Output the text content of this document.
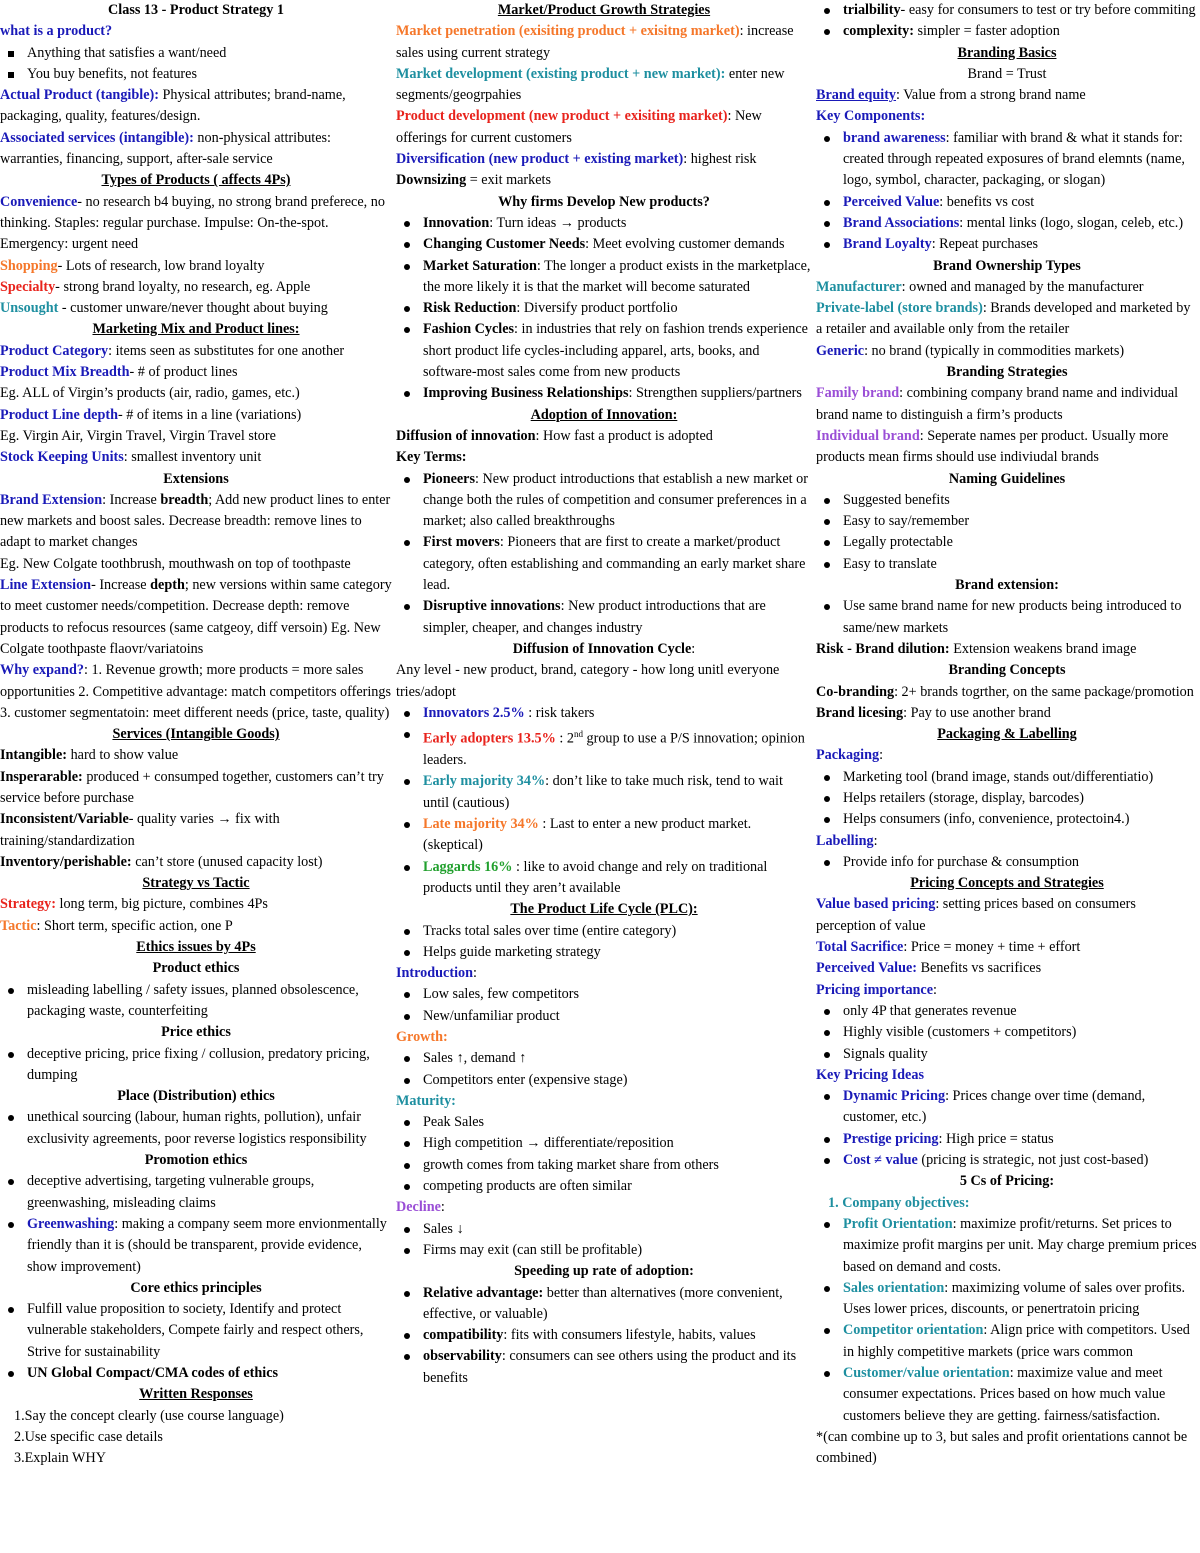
Class 13 - Product Strategy 1

what is a product?

Anything that satisfies a want/need
You buy benefits, not features

Actual Product (tangible): Physical attributes; brand-name, packaging, quality, features/design.

Associated services (intangible): non-physical attributes: warranties, financing, support, after-sale service

Types of Products ( affects 4Ps)

Convenience- no research b4 buying, no strong brand preferece, no thinking. Staples: regular purchase. Impulse: On-the-spot. Emergency: urgent need

Shopping- Lots of research, low brand loyalty

Specialty- strong brand loyalty, no research, eg. Apple

Unsought - customer unware/never thought about buying

Marketing Mix and Product lines:

Product Category: items seen as substitutes for one another

Product Mix Breadth- # of product lines

Eg. ALL of Virgin’s products (air, radio, games, etc.)

Product Line depth- # of items in a line (variations)

Eg. Virgin Air, Virgin Travel, Virgin Travel store

Stock Keeping Units: smallest inventory unit

Extensions

Brand Extension: Increase breadth; Add new product lines to enter new markets and boost sales. Decrease breadth: remove lines to adapt to market changes

Eg. New Colgate toothbrush, mouthwash on top of toothpaste

Line Extension- Increase depth; new versions within same category to meet customer needs/competition. Decrease depth: remove products to refocus resources (same catgeoy, diff versoin) Eg. New Colgate toothpaste flaovr/variatoins

Why expand?: 1. Revenue growth; more products = more sales opportunities 2. Competitive advantage: match competitors offerings 3. customer segmentatoin: meet different needs (price, taste, quality)

Services (Intangible Goods)

Intangible: hard to show value

Insperarable: produced + consumped together, customers can’t try service before purchase

Inconsistent/Variable- quality varies → fix with training/standardization

Inventory/perishable: can’t store (unused capacity lost)

Strategy vs Tactic

Strategy: long term, big picture, combines 4Ps

Tactic: Short term, specific action, one P

Ethics issues by 4Ps

Product ethics

misleading labelling / safety issues, planned obsolescence, packaging waste, counterfeiting

Price ethics

deceptive pricing, price fixing / collusion, predatory pricing, dumping

Place (Distribution) ethics

unethical sourcing (labour, human rights, pollution), unfair exclusivity agreements, poor reverse logistics responsibility

Promotion ethics

deceptive advertising, targeting vulnerable groups, greenwashing, misleading claims
Greenwashing: making a company seem more envionmentally friendly than it is (should be transparent, provide evidence, show improvement)

Core ethics principles

Fulfill value proposition to society, Identify and protect vulnerable stakeholders, Compete fairly and respect others, Strive for sustainability
UN Global Compact/CMA codes of ethics

Written Responses

1.Say the concept clearly (use course language)
2.Use specific case details
3.Explain WHY

Market/Product Growth Strategies

Market penetration (exisiting product + exisitng market): increase sales using current strategy

Market development (existing product + new market): enter new segments/geogrpahies

Product development (new product + exisiting market): New offerings for current customers

Diversification (new product + existing market): highest risk

Downsizing = exit markets

Why firms Develop New products?

Innovation: Turn ideas → products
Changing Customer Needs: Meet evolving customer demands
Market Saturation: The longer a product exists in the marketplace, the more likely it is that the market will become saturated
Risk Reduction: Diversify product portfolio
Fashion Cycles: in industries that rely on fashion trends experience short product life cycles-including apparel, arts, books, and software-most sales come from new products
Improving Business Relationships: Strengthen suppliers/partners

Adoption of Innovation:

Diffusion of innovation: How fast a product is adopted

Key Terms:

Pioneers: New product introductions that establish a new market or change both the rules of competition and consumer preferences in a market; also called breakthroughs
First movers: Pioneers that are first to create a market/product category, often establishing and commanding an early market share lead.
Disruptive innovations: New product introductions that are simpler, cheaper, and changes industry

Diffusion of Innovation Cycle:

Any level - new product, brand, category - how long unitl everyone tries/adopt

Innovators 2.5% : risk takers
Early adopters 13.5% : 2nd group to use a P/S innovation; opinion leaders.
Early majority 34%: don’t like to take much risk, tend to wait until (cautious)
Late majority 34% : Last to enter a new product market. (skeptical)
Laggards 16% : like to avoid change and rely on traditional products until they aren’t available

The Product Life Cycle (PLC):

Tracks total sales over time (entire category)
Helps guide marketing strategy

Introduction:

Low sales, few competitors
New/unfamiliar product

Growth:

Sales ↑, demand ↑
Competitors enter (expensive stage)

Maturity:

Peak Sales
High competition → differentiate/reposition
growth comes from taking market share from others
competing products are often similar

Decline:

Sales ↓
Firms may exit (can still be profitable)

Speeding up rate of adoption:

Relative advantage: better than alternatives (more convenient, effective, or valuable)
compatibility: fits with consumers lifestyle, habits, values
observability: consumers can see others using the product and its benefits
trialbility- easy for consumers to test or try before commiting
complexity: simpler = faster adoption

Branding Basics

Brand = Trust

Brand equity: Value from a strong brand name

Key Components:

brand awareness: familiar with brand & what it stands for: created through repeated exposures of brand elemnts (name, logo, symbol, character, packaging, or slogan)
Perceived Value: benefits vs cost
Brand Associations: mental links (logo, slogan, celeb, etc.)
Brand Loyalty: Repeat purchases

Brand Ownership Types

Manufacturer: owned and managed by the manufacturer

Private-label (store brands): Brands developed and marketed by a retailer and available only from the retailer

Generic: no brand (typically in commodities markets)

Branding Strategies

Family brand: combining company brand name and individual brand name to distinguish a firm’s products

Individual brand: Seperate names per product. Usually more products mean firms should use indiviudal brands

Naming Guidelines

Suggested benefits
Easy to say/remember
Legally protectable
Easy to translate

Brand extension:

Use same brand name for new products being introduced to same/new markets

Risk - Brand dilution: Extension weakens brand image

Branding Concepts

Co-branding: 2+ brands togrther, on the same package/promotion

Brand licesing: Pay to use another brand

Packaging & Labelling

Packaging:

Marketing tool (brand image, stands out/differentiatio)
Helps retailers (storage, display, barcodes)
Helps consumers (info, convenience, protectoin4.)

Labelling:

Provide info for purchase & consumption

Pricing Concepts and Strategies

Value based pricing: setting prices based on consumers perception of value

Total Sacrifice: Price = money + time + effort

Perceived Value: Benefits vs sacrifices

Pricing importance:

only 4P that generates revenue
Highly visible (customers + competitors)
Signals quality

Key Pricing Ideas

Dynamic Pricing: Prices change over time (demand, customer, etc.)
Prestige pricing: High price = status
Cost ≠ value (pricing is strategic, not just cost-based)

5 Cs of Pricing:

1. Company objectives:

Profit Orientation: maximize profit/returns. Set prices to maximize profit margins per unit. May charge premium prices based on demand and costs.
Sales orientation: maximizing volume of sales over profits. Uses lower prices, discounts, or penertratoin pricing
Competitor orientation: Align price with competitors. Used in highly competitive markets (price wars common
Customer/value orientation: maximize value and meet consumer expectations. Prices based on how much value customers believe they are getting. fairness/satisfaction.

*(can combine up to 3, but sales and profit orientations cannot be combined)
